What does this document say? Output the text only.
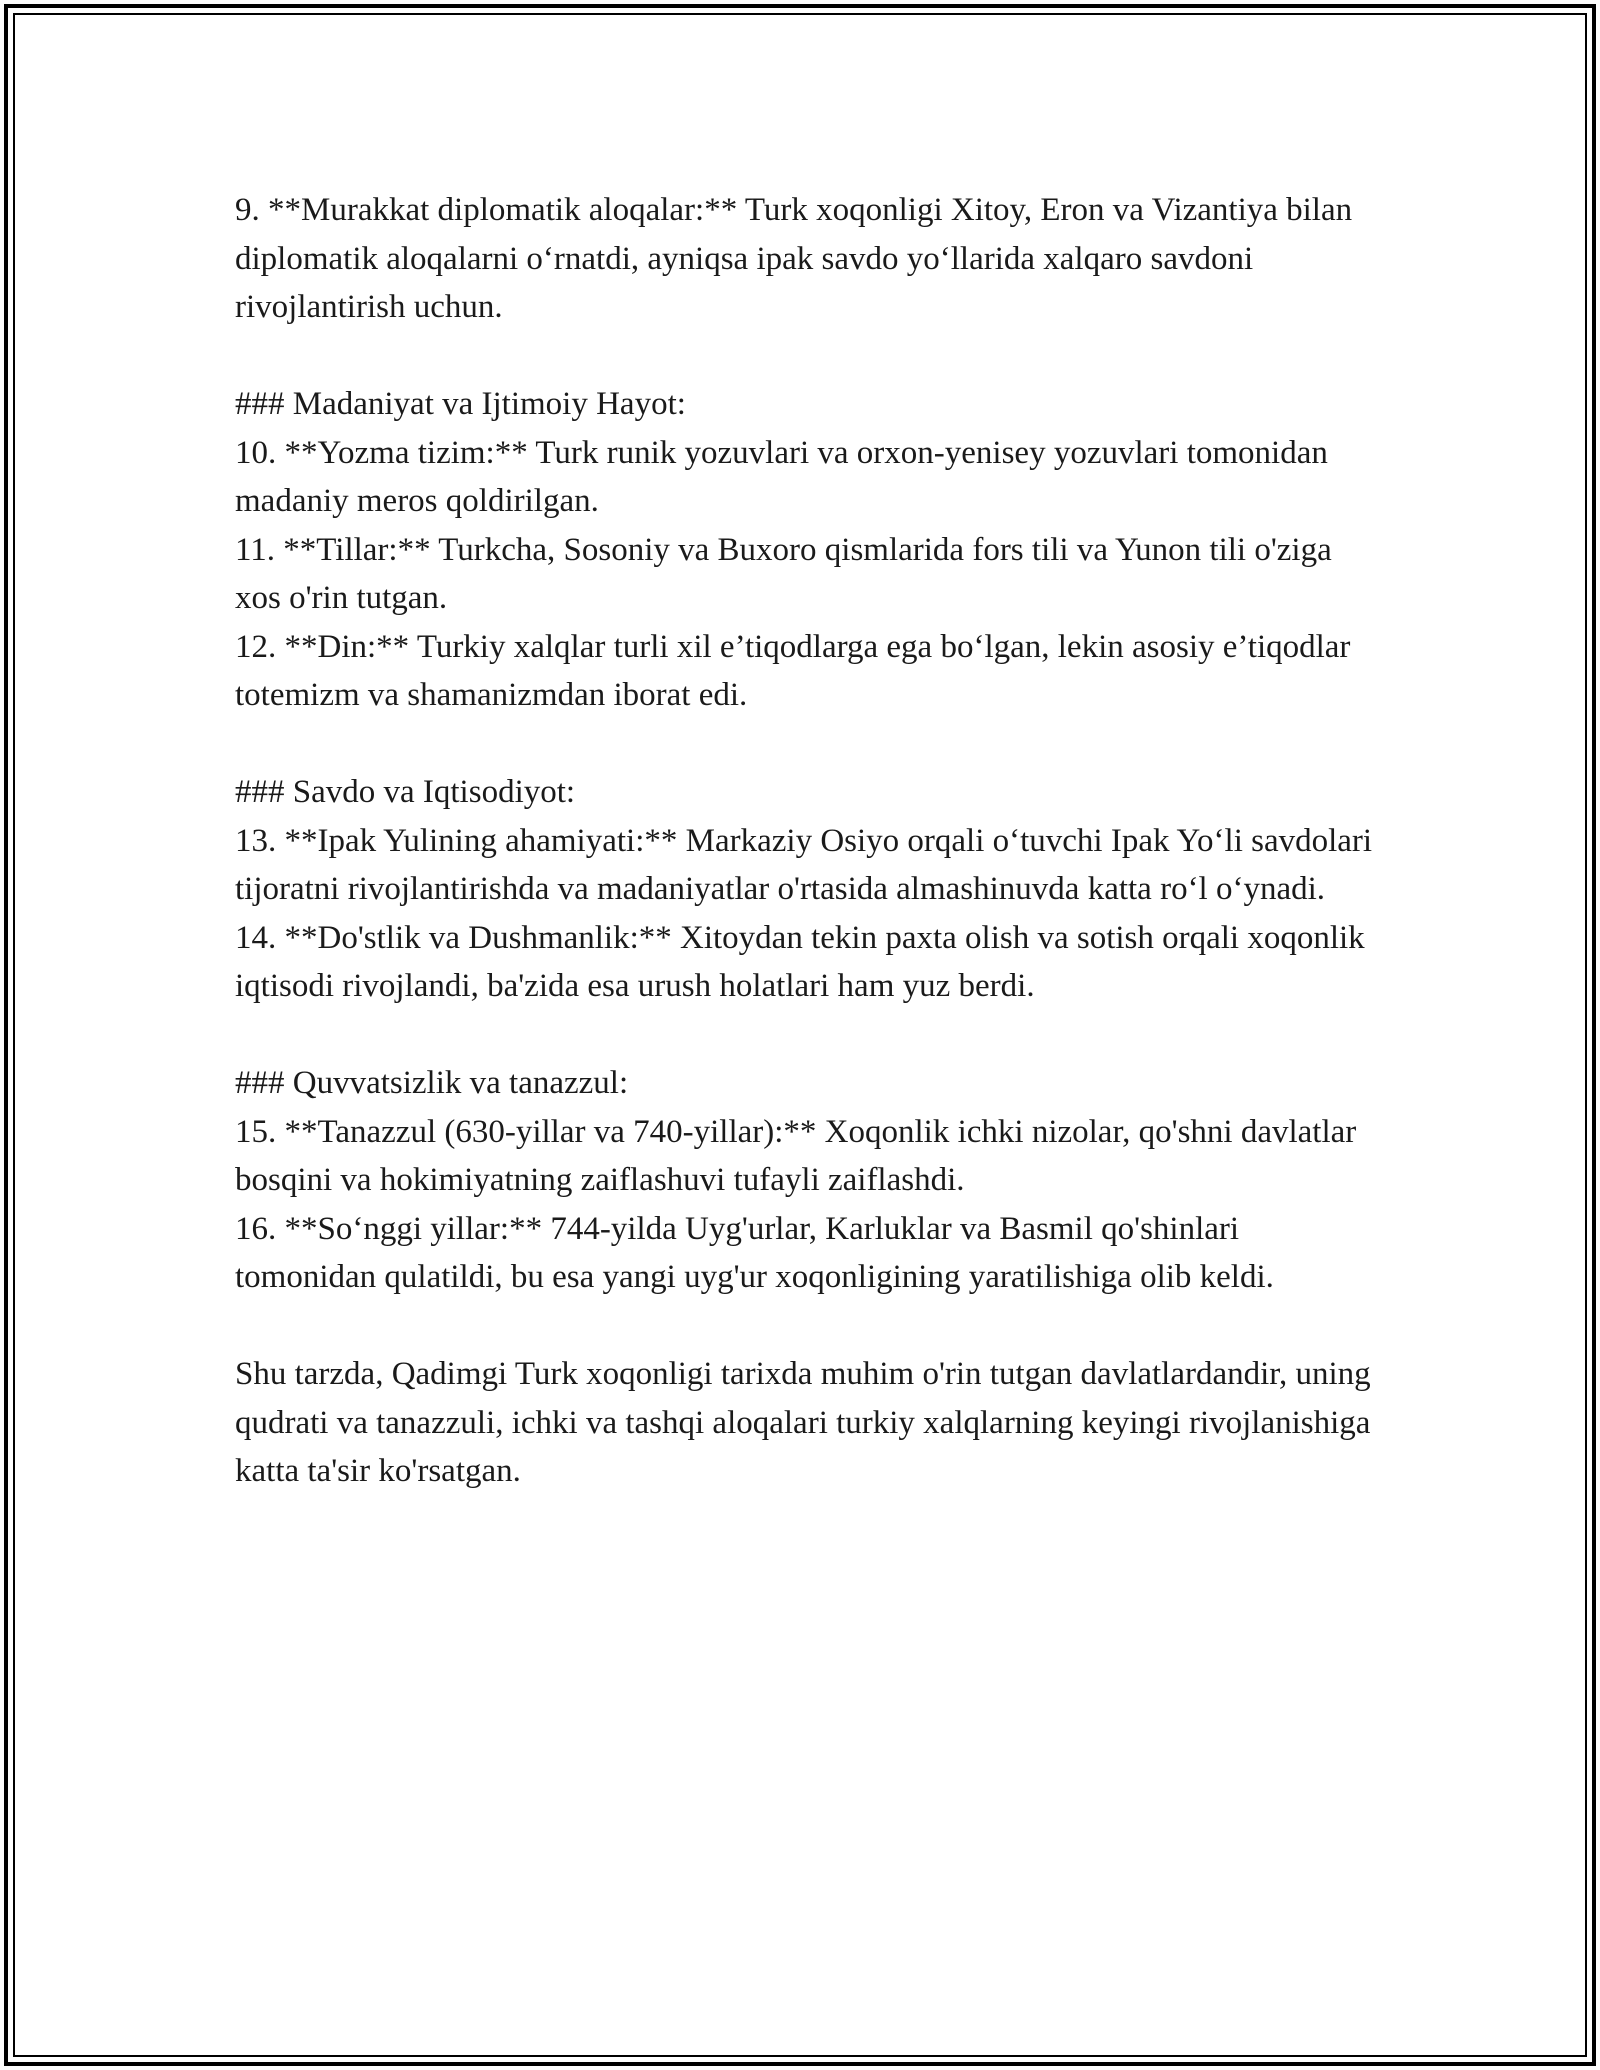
9. **Murakkat diplomatik aloqalar:** Turk xoqonligi Xitoy, Eron va Vizantiya bilan diplomatik aloqalarni o‘rnatdi, ayniqsa ipak savdo yo‘llarida xalqaro savdoni rivojlantirish uchun.

### Madaniyat va Ijtimoiy Hayot:

10. **Yozma tizim:** Turk runik yozuvlari va orxon-yenisey yozuvlari tomonidan madaniy meros qoldirilgan.

11. **Tillar:** Turkcha, Sosoniy va Buxoro qismlarida fors tili va Yunon tili o'ziga xos o'rin tutgan.

12. **Din:** Turkiy xalqlar turli xil e’tiqodlarga ega bo‘lgan, lekin asosiy e’tiqodlar totemizm va shamanizmdan iborat edi.

### Savdo va Iqtisodiyot:

13. **Ipak Yulining ahamiyati:** Markaziy Osiyo orqali o‘tuvchi Ipak Yo‘li savdolari tijoratni rivojlantirishda va madaniyatlar o'rtasida almashinuvda katta ro‘l o‘ynadi.

14. **Do'stlik va Dushmanlik:** Xitoydan tekin paxta olish va sotish orqali xoqonlik iqtisodi rivojlandi, ba'zida esa urush holatlari ham yuz berdi.

### Quvvatsizlik va tanazzul:

15. **Tanazzul (630-yillar va 740-yillar):** Xoqonlik ichki nizolar, qo'shni davlatlar bosqini va hokimiyatning zaiflashuvi tufayli zaiflashdi.

16. **So‘nggi yillar:** 744-yilda Uyg'urlar, Karluklar va Basmil qo'shinlari tomonidan qulatildi, bu esa yangi uyg'ur xoqonligining yaratilishiga olib keldi.

Shu tarzda, Qadimgi Turk xoqonligi tarixda muhim o'rin tutgan davlatlardandir, uning qudrati va tanazzuli, ichki va tashqi aloqalari turkiy xalqlarning keyingi rivojlanishiga katta ta'sir ko'rsatgan.
